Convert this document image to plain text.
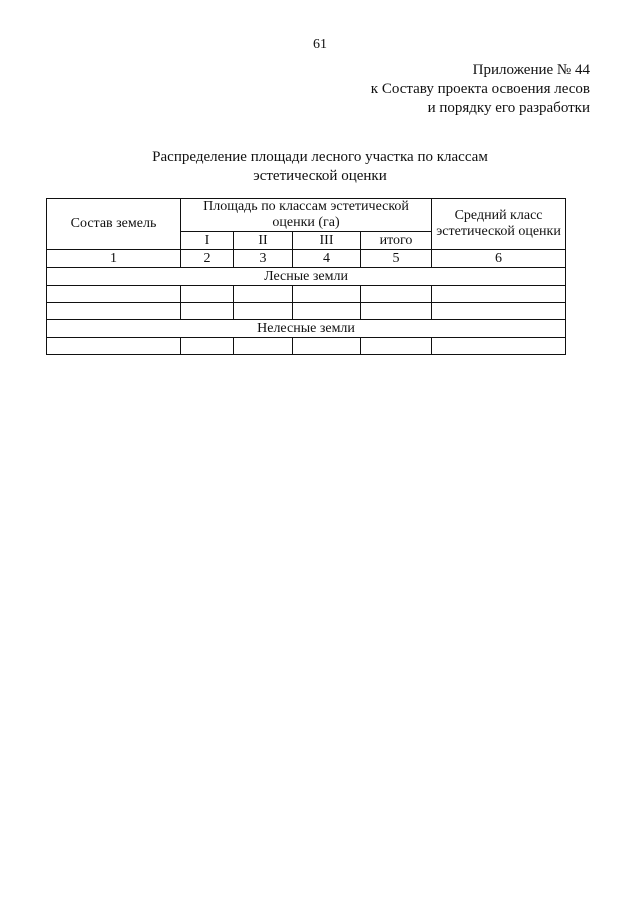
61
Приложение № 44
к Составу проекта освоения лесов
и порядку его разработки
Распределение площади лесного участка по классам
эстетической оценки
Состав земель	Площадь по классам эстетической оценки (га)				Средний класс эстетической оценки
	I	II	III	итого	
1	2	3	4	5	6
Лесные земли					

Нелесные земли					
